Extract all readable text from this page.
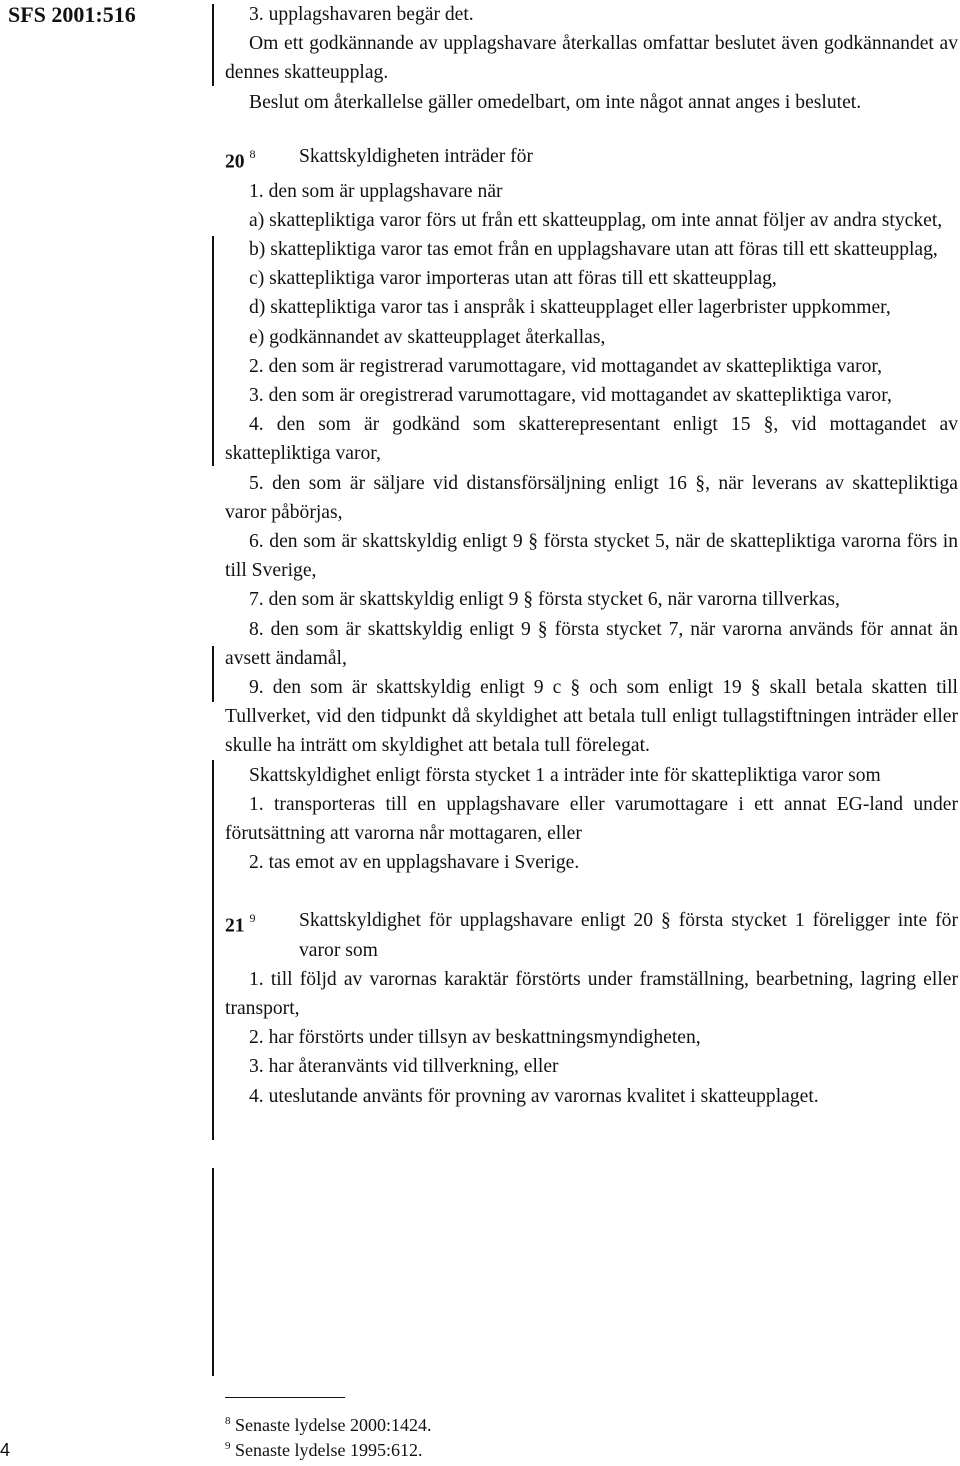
SFS 2001:516
4

3. upplagshavaren begär det.

Om ett godkännande av upplagshavare återkallas omfattar beslutet även godkännandet av dennes skatteupplag.

Beslut om återkallelse gäller omedelbart, om inte något annat anges i beslutet.

20 $^8$	Skattskyldigheten inträder för

1. den som är upplagshavare när

a) skattepliktiga varor förs ut från ett skatteupplag, om inte annat följer av andra stycket,

b) skattepliktiga varor tas emot från en upplagshavare utan att föras till ett skatteupplag,

c) skattepliktiga varor importeras utan att föras till ett skatteupplag,

d) skattepliktiga varor tas i anspråk i skatteupplaget eller lagerbrister uppkommer,

e) godkännandet av skatteupplaget återkallas,

2. den som är registrerad varumottagare, vid mottagandet av skattepliktiga varor,

3. den som är oregistrerad varumottagare, vid mottagandet av skattepliktiga varor,

4. den som är godkänd som skatterepresentant enligt 15 §, vid mottagandet av skattepliktiga varor,

5. den som är säljare vid distansförsäljning enligt 16 §, när leverans av skattepliktiga varor påbörjas,

6. den som är skattskyldig enligt 9 § första stycket 5, när de skattepliktiga varorna förs in till Sverige,

7. den som är skattskyldig enligt 9 § första stycket 6, när varorna tillverkas,

8. den som är skattskyldig enligt 9 § första stycket 7, när varorna används för annat än avsett ändamål,

9. den som är skattskyldig enligt 9 c § och som enligt 19 § skall betala skatten till Tullverket, vid den tidpunkt då skyldighet att betala tull enligt tullagstiftningen inträder eller skulle ha inträtt om skyldighet att betala tull förelegat.

Skattskyldighet enligt första stycket 1 a inträder inte för skattepliktiga varor som

1. transporteras till en upplagshavare eller varumottagare i ett annat EG-land under förutsättning att varorna når mottagaren, eller

2. tas emot av en upplagshavare i Sverige.

21 $^9$	Skattskyldighet för upplagshavare enligt 20 § första stycket 1 föreligger inte för varor som

1. till följd av varornas karaktär förstörts under framställning, bearbetning, lagring eller transport,

2. har förstörts under tillsyn av beskattningsmyndigheten,

3. har återanvänts vid tillverkning, eller

4. uteslutande använts för provning av varornas kvalitet i skatteupplaget.

$^8$ Senaste lydelse 2000:1424.
$^9$ Senaste lydelse 1995:612.
